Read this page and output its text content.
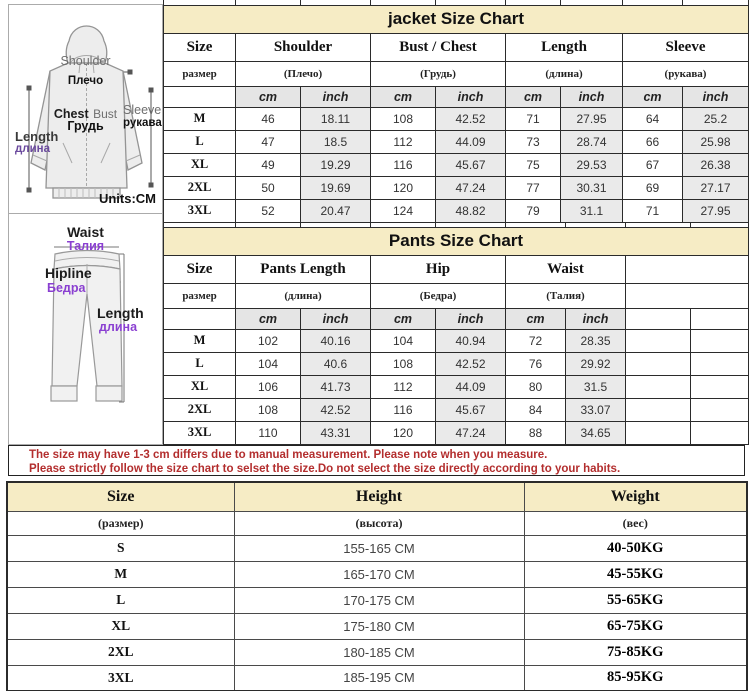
Shoulder
Плечо
Chest Bust
Грудь
Sleeve
рукава
Length
длина
Units:CM
Waist
Талия
Hipline
Бедра
Length
длина

jacket Size Chart								
Size	Shoulder		Bust / Chest		Length		Sleeve	
размер	(Плечо)		(Грудь)		(длина)		(рукава)	
	cm	inch	cm	inch	cm	inch	cm	inch
M	46	18.11	108	42.52	71	27.95	64	25.2
L	47	18.5	112	44.09	73	28.74	66	25.98
XL	49	19.29	116	45.67	75	29.53	67	26.38
2XL	50	19.69	120	47.24	77	30.31	69	27.17
3XL	52	20.47	124	48.82	79	31.1	71	27.95

Pants Size Chart								
Size	Pants Length		Hip		Waist			
размер	(длина)		(Бедра)		(Талия)			
	cm	inch	cm	inch	cm	inch		
M	102	40.16	104	40.94	72	28.35		
L	104	40.6	108	42.52	76	29.92		
XL	106	41.73	112	44.09	80	31.5		
2XL	108	42.52	116	45.67	84	33.07		
3XL	110	43.31	120	47.24	88	34.65		
The size may have 1-3 cm differs due to manual measurement. Please note when you measure.
Please strictly follow the size chart to selset the size.Do not select the size directly according to your habits.
Size	Height	Weight
(размер)	(высота)	(вес)
S	155-165 CM	40-50KG
M	165-170 CM	45-55KG
L	170-175 CM	55-65KG
XL	175-180 CM	65-75KG
2XL	180-185 CM	75-85KG
3XL	185-195 CM	85-95KG
